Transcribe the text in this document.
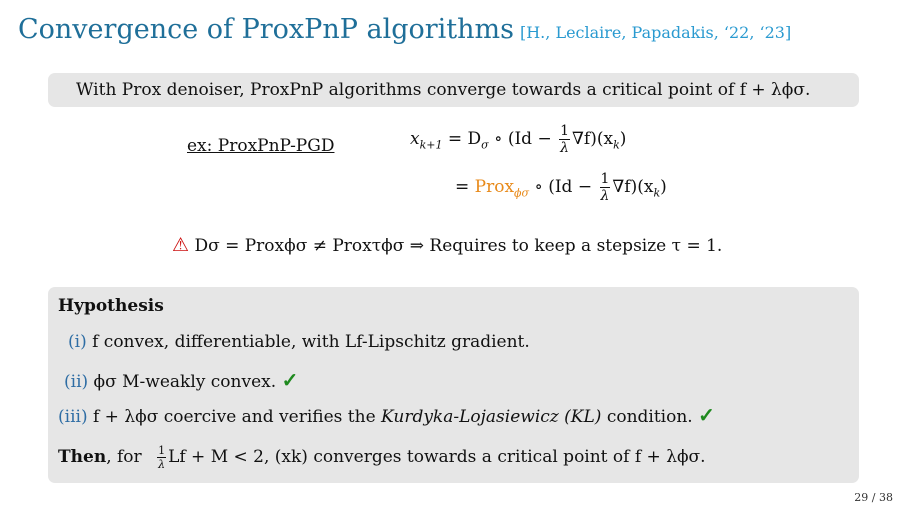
Convergence of ProxPnP algorithms [H., Leclaire, Papadakis, ‘22, ‘23]
With Prox denoiser, ProxPnP algorithms converge towards a critical point of f + λϕσ.
ex: ProxPnP-PGD	$x_{k+1} = D_\sigma$ ∘ $(Id - \frac{1}{\lambda} \nabla f)(x_k)$
= Prox$_{\phi\sigma}$ ∘ $(Id - \frac{1}{\lambda} \nabla f)(x_k)$
⚠ Dσ = Proxϕσ ≠ Proxτϕσ ⇒ Requires to keep a stepsize τ = 1.
Hypothesis
(i) f convex, differentiable, with Lf-Lipschitz gradient.
(ii) ϕσ M-weakly convex. ✓
(iii) f + λϕσ coercive and verifies the Kurdyka-Lojasiewicz (KL) condition. ✓
Then, for $\frac{1}{\lambda}$ Lf + M < 2, (xk) converges towards a critical point of f + λϕσ.
29 / 38
